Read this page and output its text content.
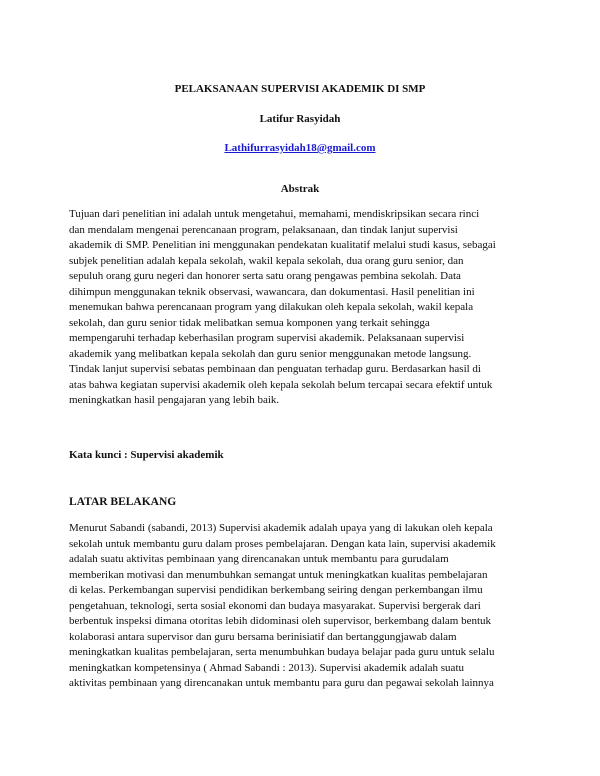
PELAKSANAAN SUPERVISI AKADEMIK DI SMP
Latifur Rasyidah
Lathifurrasyidah18@gmail.com
Abstrak
Tujuan dari penelitian ini adalah untuk mengetahui, memahami, mendiskripsikan secara rinci
dan mendalam mengenai perencanaan program, pelaksanaan, dan tindak lanjut supervisi
akademik di SMP. Penelitian ini menggunakan pendekatan kualitatif melalui studi kasus, sebagai
subjek penelitian adalah kepala sekolah, wakil kepala sekolah, dua orang guru senior, dan
sepuluh orang guru negeri dan honorer serta satu orang pengawas pembina sekolah. Data
dihimpun menggunakan teknik observasi, wawancara, dan dokumentasi. Hasil penelitian ini
menemukan bahwa perencanaan program yang dilakukan oleh kepala sekolah, wakil kepala
sekolah, dan guru senior tidak melibatkan semua komponen yang terkait sehingga
mempengaruhi terhadap keberhasilan program supervisi akademik. Pelaksanaan supervisi
akademik yang melibatkan kepala sekolah dan guru senior menggunakan metode langsung.
Tindak lanjut supervisi sebatas pembinaan dan penguatan terhadap guru. Berdasarkan hasil di
atas bahwa kegiatan supervisi akademik oleh kepala sekolah belum tercapai secara efektif untuk
meningkatkan hasil pengajaran yang lebih baik.
Kata kunci : Supervisi akademik
LATAR BELAKANG
Menurut Sabandi (sabandi, 2013) Supervisi akademik adalah upaya yang di lakukan oleh kepala
sekolah untuk membantu guru dalam proses pembelajaran. Dengan kata lain, supervisi akademik
adalah suatu aktivitas pembinaan yang direncanakan untuk membantu para gurudalam
memberikan motivasi dan menumbuhkan semangat untuk meningkatkan kualitas pembelajaran
di kelas. Perkembangan supervisi pendidikan berkembang seiring dengan perkembangan ilmu
pengetahuan, teknologi, serta sosial ekonomi dan budaya masyarakat. Supervisi bergerak dari
berbentuk inspeksi dimana otoritas lebih didominasi oleh supervisor, berkembang dalam bentuk
kolaborasi antara supervisor dan guru bersama berinisiatif dan bertanggungjawab dalam
meningkatkan kualitas pembelajaran, serta menumbuhkan budaya belajar pada guru untuk selalu
meningkatkan kompetensinya ( Ahmad Sabandi : 2013). Supervisi akademik adalah suatu
aktivitas pembinaan yang direncanakan untuk membantu para guru dan pegawai sekolah lainnya
